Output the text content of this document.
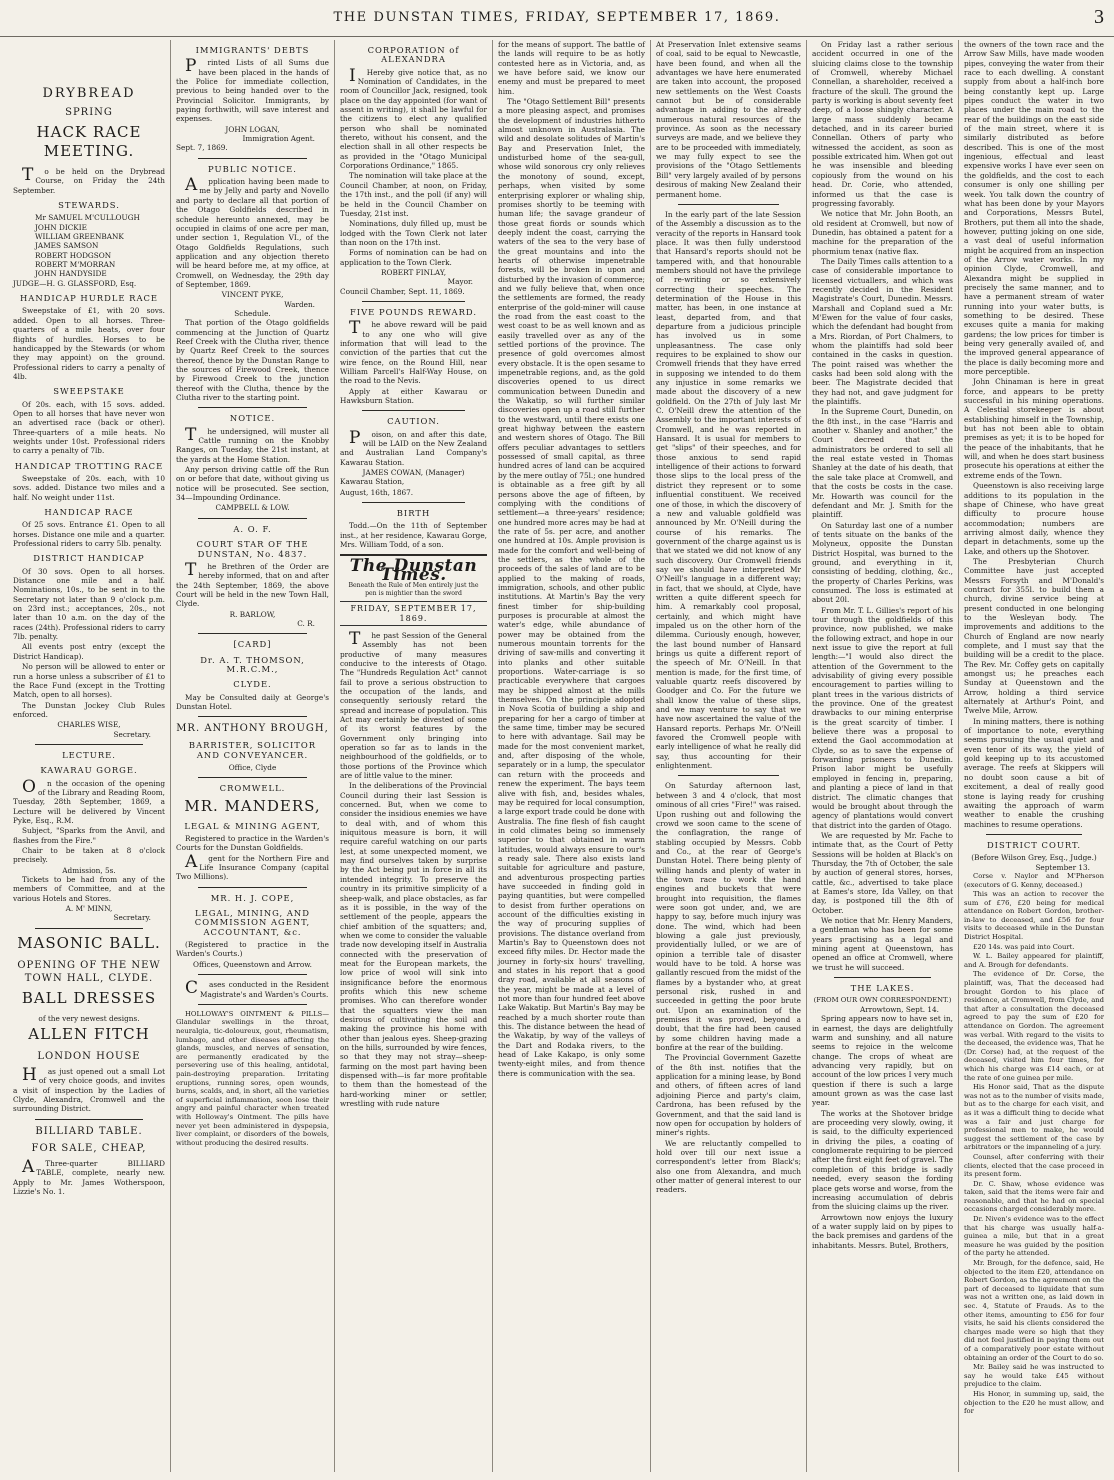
THE DUNSTAN TIMES, FRIDAY, SEPTEMBER 17, 1869.	3
DRYBREAD
SPRING
HACK RACE MEETING.

To be held on the Drybread Course, on Friday the 24th September.

STEWARDS.

Mr SAMUEL M'CULLOUGH

JOHN DICKIE

WILLIAM GREENBANK

JAMES SAMSON

ROBERT HODGSON

ROBERT M'MORRAN

JOHN HANDYSIDE

JUDGE—H. G. GLASSFORD, Esq.

HANDICAP HURDLE RACE

Sweepstake of £1, with 20 sovs. added. Open to all horses. Three-quarters of a mile heats, over four flights of hurdles. Horses to be handicapped by the Stewards (or whom they may appoint) on the ground. Professional riders to carry a penalty of 4lb.

SWEEPSTAKE

Of 20s. each, with 15 sovs. added. Open to all horses that have never won an advertised race (back or other). Three-quarters of a mile heats. No weights under 10st. Professional riders to carry a penalty of 7lb.

HANDICAP TROTTING RACE

Sweepstake of 20s. each, with 10 sovs. added. Distance two miles and a half. No weight under 11st.

HANDICAP RACE

Of 25 sovs. Entrance £1. Open to all horses. Distance one mile and a quarter. Professional riders to carry 5lb. penalty.

DISTRICT HANDICAP

Of 30 sovs. Open to all horses. Distance one mile and a half. Nominations, 10s., to be sent in to the Secretary not later than 9 o'clock p.m. on 23rd inst.; acceptances, 20s., not later than 10 a.m. on the day of the races (24th). Professional riders to carry 7lb. penalty.

All events post entry (except the District Handicap).

No person will be allowed to enter or run a horse unless a subscriber of £1 to the Race Fund (except in the Trotting Match, open to all horses).

The Dunstan Jockey Club Rules enforced.

CHARLES WISE,
Secretary.
LECTURE.
KAWARAU GORGE.

On the occasion of the opening of the Library and Reading Room, Tuesday, 28th September, 1869, a Lecture will be delivered by Vincent Pyke, Esq., R.M.

Subject, "Sparks from the Anvil, and flashes from the Fire."

Chair to be taken at 8 o'clock precisely.

Admission, 5s.

Tickets to be had from any of the members of Committee, and at the various Hotels and Stores.

A. M' MINN,
Secretary.
MASONIC BALL.
OPENING OF THE NEW TOWN HALL, CLYDE.
BALL DRESSES
of the very newest designs.
ALLEN FITCH
LONDON HOUSE

Has just opened out a small Lot of very choice goods, and invites a visit of inspection by the Ladies of Clyde, Alexandra, Cromwell and the surrounding District.

BILLIARD TABLE.
FOR SALE, CHEAP,

AThree-quarter BILLIARD TABLE, complete, nearly new. Apply to Mr. James Wotherspoon, Lizzie's No. 1.

IMMIGRANTS' DEBTS

Printed Lists of all Sums due have been placed in the hands of the Police for immediate collection, previous to being handed over to the Provincial Solicitor. Immigrants, by paying forthwith, will save interest and expenses.

JOHN LOGAN,
Immigration Agent.

Sept. 7, 1869.

PUBLIC NOTICE.

Application having been made to me by Jelly and party and Novello and party to declare all that portion of the Otago Goldfields described in schedule hereunto annexed, may be occupied in claims of one acre per man, under section 1, Regulation VI., of the Otago Goldfields Regulations, such application and any objection thereto will be heard before me, at my office, at Cromwell, on Wednesday, the 29th day of September, 1869.

VINCENT PYKE,
Warden.
Schedule.

That portion of the Otago goldfields commencing at the Junction of Quartz Reef Creek with the Clutha river, thence by Quartz Reef Creek to the sources thereof, thence by the Dunstan Range to the sources of Firewood Creek, thence by Firewood Creek to the junction thereof with the Clutha, thence by the Clutha river to the starting point.

NOTICE.

The undersigned, will muster all Cattle running on the Knobby Ranges, on Tuesday, the 21st instant, at the yards at the Home Station.

Any person driving cattle off the Run on or before that date, without giving us notice will be prosecuted. See section, 34—Impounding Ordinance.

CAMPBELL & LOW.
A. O. F.
COURT STAR OF THE DUNSTAN, No. 4837.

The Brethren of the Order are hereby informed, that on and after the 24th September, 1869, the above Court will be held in the new Town Hall, Clyde.

R. BARLOW,
C. R.
[CARD]
Dr. A. T. THOMSON, M.R.C.M.,
CLYDE.

May be Consulted daily at George's Dunstan Hotel.

MR. ANTHONY BROUGH,
BARRISTER, SOLICITOR AND CONVEYANCER.
Office, Clyde
CROMWELL.
MR. MANDERS,
LEGAL & MINING AGENT,

Registered to practice in the Warden's Courts for the Dunstan Goldfields.

Agent for the Northern Fire and Life Insurance Company (capital Two Millions).

MR. H. J. COPE,
LEGAL, MINING, AND COMMISSION AGENT, ACCOUNTANT, &c.

(Registered to practice in the Warden's Courts.)

Offices, Queenstown and Arrow.

Cases conducted in the Resident Magistrate's and Warden's Courts.

HOLLOWAY'S OINTMENT & PILLS—Glandular swellings in the throat, neuralgia, tic-doloureux, gout, rheumatism, lumbago, and other diseases affecting the glands, muscles, and nerves of sensation, are permanently eradicated by the persevering use of this healing, antidotal, pain-destroying preparation. Irritating eruptions, running sores, open wounds, burns, scalds, and, in short, all the varieties of superficial inflammation, soon lose their angry and painful character when treated with Holloway's Ointment. The pills have never yet been administered in dyspepsia, liver complaint, or disorders of the bowels, without producing the desired results.

CORPORATION of ALEXANDRA

IHereby give notice that, as no Nomination of Candidates, in the room of Councillor Jack, resigned, took place on the day appointed (for want of assent in writing), it shall be lawful for the citizens to elect any qualified person who shall be nominated thereto, without his consent, and the election shall in all other respects be as provided in the "Otago Municipal Corporations Ordinance," 1865.

The nomination will take place at the Council Chamber, at noon, on Friday, the 17th inst., and the poll (if any) will be held in the Council Chamber on Tuesday, 21st inst.

Nominations, duly filled up, must be lodged with the Town Clerk not later than noon on the 17th inst.

Forms of nomination can be had on application to the Town Clerk.

ROBERT FINLAY,
Mayor.

Council Chamber, Sept. 11, 1869.

FIVE POUNDS REWARD.

The above reward will be paid to any one who will give information that will lead to the conviction of the parties that cut the wire fence, on the Round Hill, near William Parcell's Half-Way House, on the road to the Nevis.

Apply at either Kawarau or Hawksburn Station.

CAUTION.

Poison, on and after this date, will be LAID on the New Zealand and Australian Land Company's Kawarau Station.

JAMES COWAN, (Manager)

Kawarau Station,

August, 16th, 1867.

BIRTH

Todd.—On the 11th of September inst., at her residence, Kawarau Gorge, Mrs. William Todd, of a son.

The Dunstan Times.
Beneath the Rule of Men entirely just the pen is mightier than the sword
FRIDAY, SEPTEMBER 17, 1869.

The past Session of the General Assembly has not been productive of many measures conducive to the interests of Otago. The "Hundreds Regulation Act" cannot fail to prove a serious obstruction to the occupation of the lands, and consequently seriously retard the spread and increase of population. This Act may certainly be divested of some of its worst features by the Government only bringing into operation so far as to lands in the neighbourhood of the goldfields, or to those portions of the Province which are of little value to the miner.

In the deliberations of the Provincial Council during their last Session is concerned. But, when we come to consider the insidious enemies we have to deal with, and of whom this iniquitous measure is born, it will require careful watching on our parts lest, at some unexpected moment, we may find ourselves taken by surprise by the Act being put in force in all its intended integrity. To preserve the country in its primitive simplicity of a sheep-walk, and place obstacles, as far as it is possible, in the way of the settlement of the people, appears the chief ambition of the squatters; and, when we come to consider the valuable trade now developing itself in Australia connected with the preservation of meat for the European markets, the low price of wool will sink into insignificance before the enormous profits which this new scheme promises. Who can therefore wonder that the squatters view the man desirous of cultivating the soil and making the province his home with other than jealous eyes. Sheep-grazing on the hills, surrounded by wire fences, so that they may not stray—sheep-farming on the most part having been dispensed with—is far more profitable to them than the homestead of the hard-working miner or settler, wrestling with rude nature

for the means of support. The battle of the lands will require to be as hotly contested here as in Victoria, and, as we have before said, we know our enemy and must be prepared to meet him.

The "Otago Settlement Bill" presents a more pleasing aspect, and promises the development of industries hitherto almost unknown in Australasia. The wild and desolate solitudes of Martin's Bay and Preservation Inlet, the undisturbed home of the sea-gull, whose wild sonorous cry only relieves the monotony of sound, except, perhaps, when visited by some enterprising explorer or whaling ship, promises shortly to be teeming with human life; the savage grandeur of those great fiords or sounds which deeply indent the coast, carrying the waters of the sea to the very base of the great mountains and into the hearts of otherwise impenetrable forests, will be broken in upon and disturbed by the invasion of commerce; and we fully believe that, when once the settlements are formed, the ready enterprise of the gold-miner will cause the road from the east coast to the west coast to be as well known and as easily travelled over as any of the settled portions of the province. The presence of gold overcomes almost every obstacle. It is the open sesame to impenetrable regions, and, as the gold discoveries opened to us direct communication between Dunedin and the Wakatip, so will further similar discoveries open up a road still further to the westward, until there exists one great highway between the eastern and western shores of Otago. The Bill offers peculiar advantages to settlers possessed of small capital, as three hundred acres of land can be acquired by the mere outlay of 75l.; one hundred is obtainable as a free gift by all persons above the age of fifteen, by complying with the conditions of settlement—a three-years' residence; one hundred more acres may be had at the rate of 5s. per acre, and another one hundred at 10s. Ample provision is made for the comfort and well-being of the settlers, as the whole of the proceeds of the sales of land are to be applied to the making of roads, immigration, schools, and other public institutions. At Martin's Bay the very finest timber for ship-building purposes is procurable at almost the water's edge, while abundance of power may be obtained from the numerous mountain torrents for the driving of saw-mills and converting it into planks and other suitable proportions. Water-carriage is so practicable everywhere that cargoes may be shipped almost at the mills themselves. On the principle adopted in Nova Scotia of building a ship and preparing for her a cargo of timber at the same time, timber may be secured to here with advantage. Sail may be made for the most convenient market, and, after disposing of the whole, separately or in a lump, the speculator can return with the proceeds and renew the experiment. The bays teem alive with fish, and, besides whales, may be required for local consumption, a large export trade could be done with Australia. The fine flesh of fish caught in cold climates being so immensely superior to that obtained in warm latitudes, would always ensure to our's a ready sale. There also exists land suitable for agriculture and pasture, and adventurous prospecting parties have succeeded in finding gold in paying quantities, but were compelled to desist from further operations on account of the difficulties existing in the way of procuring supplies of provisions. The distance overland from Martin's Bay to Queenstown does not exceed fifty miles. Dr. Hector made the journey in forty-six hours' travelling, and states in his report that a good dray road, available at all seasons of the year, might be made at a level of not more than four hundred feet above Lake Wakatip. But Martin's Bay may be reached by a much shorter route than this. The distance between the head of the Wakatip, by way of the valleys of the Dart and Rodaka rivers, to the head of Lake Kakapo, is only some twenty-eight miles, and from thence there is communication with the sea.

At Preservation Inlet extensive seams of coal, said to be equal to Newcastle, have been found, and when all the advantages we have here enumerated are taken into account, the proposed new settlements on the West Coasts cannot but be of considerable advantage in adding to the already numerous natural resources of the province. As soon as the necessary surveys are made, and we believe they are to be proceeded with immediately, we may fully expect to see the provisions of the "Otago Settlements Bill" very largely availed of by persons desirous of making New Zealand their permanent home.

In the early part of the late Session of the Assembly a discussion as to the veracity of the reports in Hansard took place. It was then fully understood that Hansard's reports should not be tampered with, and that honourable members should not have the privilege of re-writing or so extensively correcting their speeches. The determination of the House in this matter, has been, in one instance at least, departed from, and that departure from a judicious principle has involved us in some unpleasantness. The case only requires to be explained to show our Cromwell friends that they have erred in supposing we intended to do them any injustice in some remarks we made about the discovery of a new goldfield. On the 27th of July last Mr C. O'Neill drew the attention of the Assembly to the important interests of Cromwell, and he was reported in Hansard. It is usual for members to get "slips" of their speeches, and for those anxious to send rapid intelligence of their actions to forward those slips to the local press of the district they represent or to some influential constituent. We received one of those, in which the discovery of a new and valuable goldfield was announced by Mr. O'Neill during the course of his remarks. The government of the charge against us is that we stated we did not know of any such discovery. Our Cromwell friends say we should have interpreted Mr O'Neill's language in a different way; in fact, that we should, at Clyde, have written a quite different speech for him. A remarkably cool proposal, certainly, and which might have impaled us on the other horn of the dilemma. Curiously enough, however, the last bound number of Hansard brings us quite a different report of the speech of Mr. O'Neill. In that mention is made, for the first time, of valuable quartz reefs discovered by Goodger and Co. For the future we shall know the value of these slips, and we may venture to say that we have now ascertained the value of the Hansard reports. Perhaps Mr. O'Neill favored the Cromwell people with early intelligence of what he really did say, thus accounting for their enlightenment.

On Saturday afternoon last, between 3 and 4 o'clock, that most ominous of all cries "Fire!" was raised. Upon rushing out and following the crowd we soon came to the scene of the conflagration, the range of stabling occupied by Messrs. Cobb and Co., at the rear of George's Dunstan Hotel. There being plenty of willing hands and plenty of water in the town race to work the hand engines and buckets that were brought into requisition, the flames were soon got under, and, we are happy to say, before much injury was done. The wind, which had been blowing a gale just previously, providentially lulled, or we are of opinion a terrible tale of disaster would have to be told. A horse was gallantly rescued from the midst of the flames by a bystander who, at great personal risk, rushed in and succeeded in getting the poor brute out. Upon an examination of the premises it was proved, beyond a doubt, that the fire had been caused by some children having made a bonfire at the rear of the building.

The Provincial Government Gazette of the 8th inst. notifies that the application for a mining lease, by Bond and others, of fifteen acres of land adjoining Pierce and party's claim, Cardrona, has been refused by the Government, and that the said land is now open for occupation by holders of miner's rights.

We are reluctantly compelled to hold over till our next issue a correspondent's letter from Black's; also one from Alexandra, and much other matter of general interest to our readers.

On Friday last a rather serious accident occurred in one of the sluicing claims close to the township of Cromwell, whereby Michael Connellan, a shareholder, received a fracture of the skull. The ground the party is working is about seventy feet deep, of a loose shingly character. A large mass suddenly became detached, and in its career buried Connellan. Others of party who witnessed the accident, as soon as possible extricated him. When got out he was insensible and bleeding copiously from the wound on his head. Dr. Corie, who attended, informed us that the case is progressing favorably.

We notice that Mr. John Booth, an old resident at Cromwell, but now of Dunedin, has obtained a patent for a machine for the preparation of the phormium tenax (native flax.

The Daily Times calls attention to a case of considerable importance to licensed victuallers, and which was recently decided in the Resident Magistrate's Court, Dunedin. Messrs. Marshall and Copland sued a Mr. M'Ewen for the value of four casks, which the defendant had bought from a Mrs. Riordan, of Port Chalmers, to whom the plaintiffs had sold beer contained in the casks in question. The point raised was whether the casks had been sold along with the beer. The Magistrate decided that they had not, and gave judgment for the plaintiffs.

In the Supreme Court, Dunedin, on the 8th inst., in the case "Harris and another v. Shanley and another," the Court decreed that the administrators be ordered to sell all the real estate vested in Thomas Shanley at the date of his death, that the sale take place at Cromwell, and that the costs be costs in the case. Mr. Howarth was council for the defendant and Mr. J. Smith for the plaintiff.

On Saturday last one of a number of tents situate on the banks of the Molyneux, opposite the Dunstan District Hospital, was burned to the ground, and everything in it, consisting of bedding, clothing, &c., the property of Charles Perkins, was consumed. The loss is estimated at about 20l.

From Mr. T. L. Gillies's report of his tour through the goldfields of this province, now published, we make the following extract, and hope in our next issue to give the report at full length:—"I would also direct the attention of the Government to the advisability of giving every possible encouragement to parties willing to plant trees in the various districts of the province. One of the greatest drawbacks to our mining enterprise is the great scarcity of timber. I believe there was a proposal to extend the Gaol accommodation at Clyde, so as to save the expense of forwarding prisoners to Dunedin. Prison labor might be usefully employed in fencing in, preparing, and planting a piece of land in that district. The climatic changes that would be brought about through the agency of plantations would convert that district into the garden of Otago.

We are requested by Mr. Fache to intimate that, as the Court of Petty Sessions will be holden at Black's on Thursday, the 7th of October, the sale by auction of general stores, horses, cattle, &c., advertised to take place at Eames's store, Ida Valley, on that day, is postponed till the 8th of October.

We notice that Mr. Henry Manders, a gentleman who has been for some years practising as a legal and mining agent at Queenstown, has opened an office at Cromwell, where we trust he will succeed.

THE LAKES.
(FROM OUR OWN CORRESPONDENT.)
Arrowtown, Sept. 14.

Spring appears now to have set in, in earnest, the days are delightfully warm and sunshiny, and all nature seems to rejoice in the welcome change. The crops of wheat are advancing very rapidly, but on account of the low prices I very much question if there is such a large amount grown as was the case last year.

The works at the Shotover bridge are proceeding very slowly, owing, it is said, to the difficulty experienced in driving the piles, a coating of conglomerate requiring to be pierced after the first eight feet of gravel. The completion of this bridge is sadly needed, every season the fording place gets worse and worse, from the increasing accumulation of debris from the sluicing claims up the river.

Arrowtown now enjoys the luxury of a water supply laid on by pipes to the back premises and gardens of the inhabitants. Messrs. Butel, Brothers,

the owners of the town race and the Arrow Saw Mills, have made wooden pipes, conveying the water from their race to each dwelling. A constant supply from about a half-inch bore being constantly kept up. Large pipes conduct the water in two places under the main road to the rear of the buildings on the east side of the main street, where it is similarly distributed as before described. This is one of the most ingenious, effectual and least expensive works I have ever seen on the goldfields, and the cost to each consumer is only one shilling per week. You talk down the country of what has been done by your Mayors and Corporations, Messrs Butel, Brothers, put them all into the shade, however, putting joking on one side, a vast deal of useful information might be acquired from an inspection of the Arrow water works. In my opinion Clyde, Cromwell, and Alexandra might be supplied in precisely the same manner, and to have a permanent stream of water running into your water butts, is something to be desired. These excuses quite a mania for making gardens; the low prices for timber is being very generally availed of, and the improved general appearance of the place is daily becoming more and more perceptible.

John Chinaman is here in great force, and appears to be pretty successful in his mining operations. A Celestial storekeeper is about establishing himself in the Township, but has not been able to obtain premises as yet; it is to be hoped for the peace of the inhabitants, that he will, and when he does start business prosecute his operations at either the extreme ends of the Town.

Queenstown is also receiving large additions to its population in the shape of Chinese, who have great difficulty to procure house accommodation; numbers are arriving almost daily, whence they depart in detachments, some up the Lake, and others up the Shotover.

The Presbyterian Church Committee have just accepted Messrs Forsyth and M'Donald's contract for 355l. to build them a church, divine service being at present conducted in one belonging to the Wesleyan body. The improvements and additions to the Church of England are now nearly complete, and I must say that the building will be a credit to the place. The Rev. Mr. Coffey gets on capitally amongst us; he preaches each Sunday at Queenstown and the Arrow, holding a third service alternately at Arthur's Point, and Twelve Mile, Arrow.

In mining matters, there is nothing of importance to note, everything seems pursuing the usual quiet and even tenor of its way, the yield of gold keeping up to its accustomed average. The reefs at Skippers will no doubt soon cause a bit of excitement, a deal of really good stone is laying ready for crushing awaiting the approach of warm weather to enable the crushing machines to resume operations.

DISTRICT COURT.
(Before Wilson Grey, Esq., Judge.)
September 13.

Corse v. Naylor and M'Pherson (executors of G. Kenny, deceased.)

This was an action to recover the sum of £76, £20 being for medical attendance on Robert Gordon, brother-in-law to deceased, and £56 for four visits to deceased while in the Dunstan District Hospital.

£20 14s. was paid into Court.

W. L. Bailey appeared for plaintiff, and A. Brough for defendants.

The evidence of Dr. Corse, the plaintiff, was, That the deceased had brought Gordon to his place of residence, at Cromwell, from Clyde, and that after a consultation the deceased agreed to pay the sum of £20 for attendance on Gordon. The agreement was verbal. With regard to the visits to the deceased, the evidence was, That he (Dr. Corse) had, at the request of the deceased, visited him four times, for which his charge was £14 each, or at the rate of one guinea per mile.

His Honor said, That as the dispute was not as to the number of visits made, but as to the charge for each visit, and as it was a difficult thing to decide what was a fair and just charge for professional men to make, he would suggest the settlement of the case by arbitrators or the impanneling of a jury.

Counsel, after conferring with their clients, elected that the case proceed in its present form.

Dr. C. Shaw, whose evidence was taken, said that the items were fair and reasonable, and that he had on special occasions charged considerably more.

Dr. Niven's evidence was to the effect that his charge was usually half-a-guinea a mile, but that in a great measure he was guided by the position of the party he attended.

Mr. Brough, for the defence, said, He objected to the item £20, attendance on Robert Gordon, as the agreement on the part of deceased to liquidate that sum was not a written one, as laid down in sec. 4, Statute of Frauds. As to the other items, amounting to £56 for four visits, he said his clients considered the charges made were so high that they did not feel justified in paying them out of a comparatively poor estate without obtaining an order of the Court to do so.

Mr. Bailey said he was instructed to say he would take £45 without prejudice to the claim.

His Honor, in summing up, said, the objection to the £20 he must allow, and for
